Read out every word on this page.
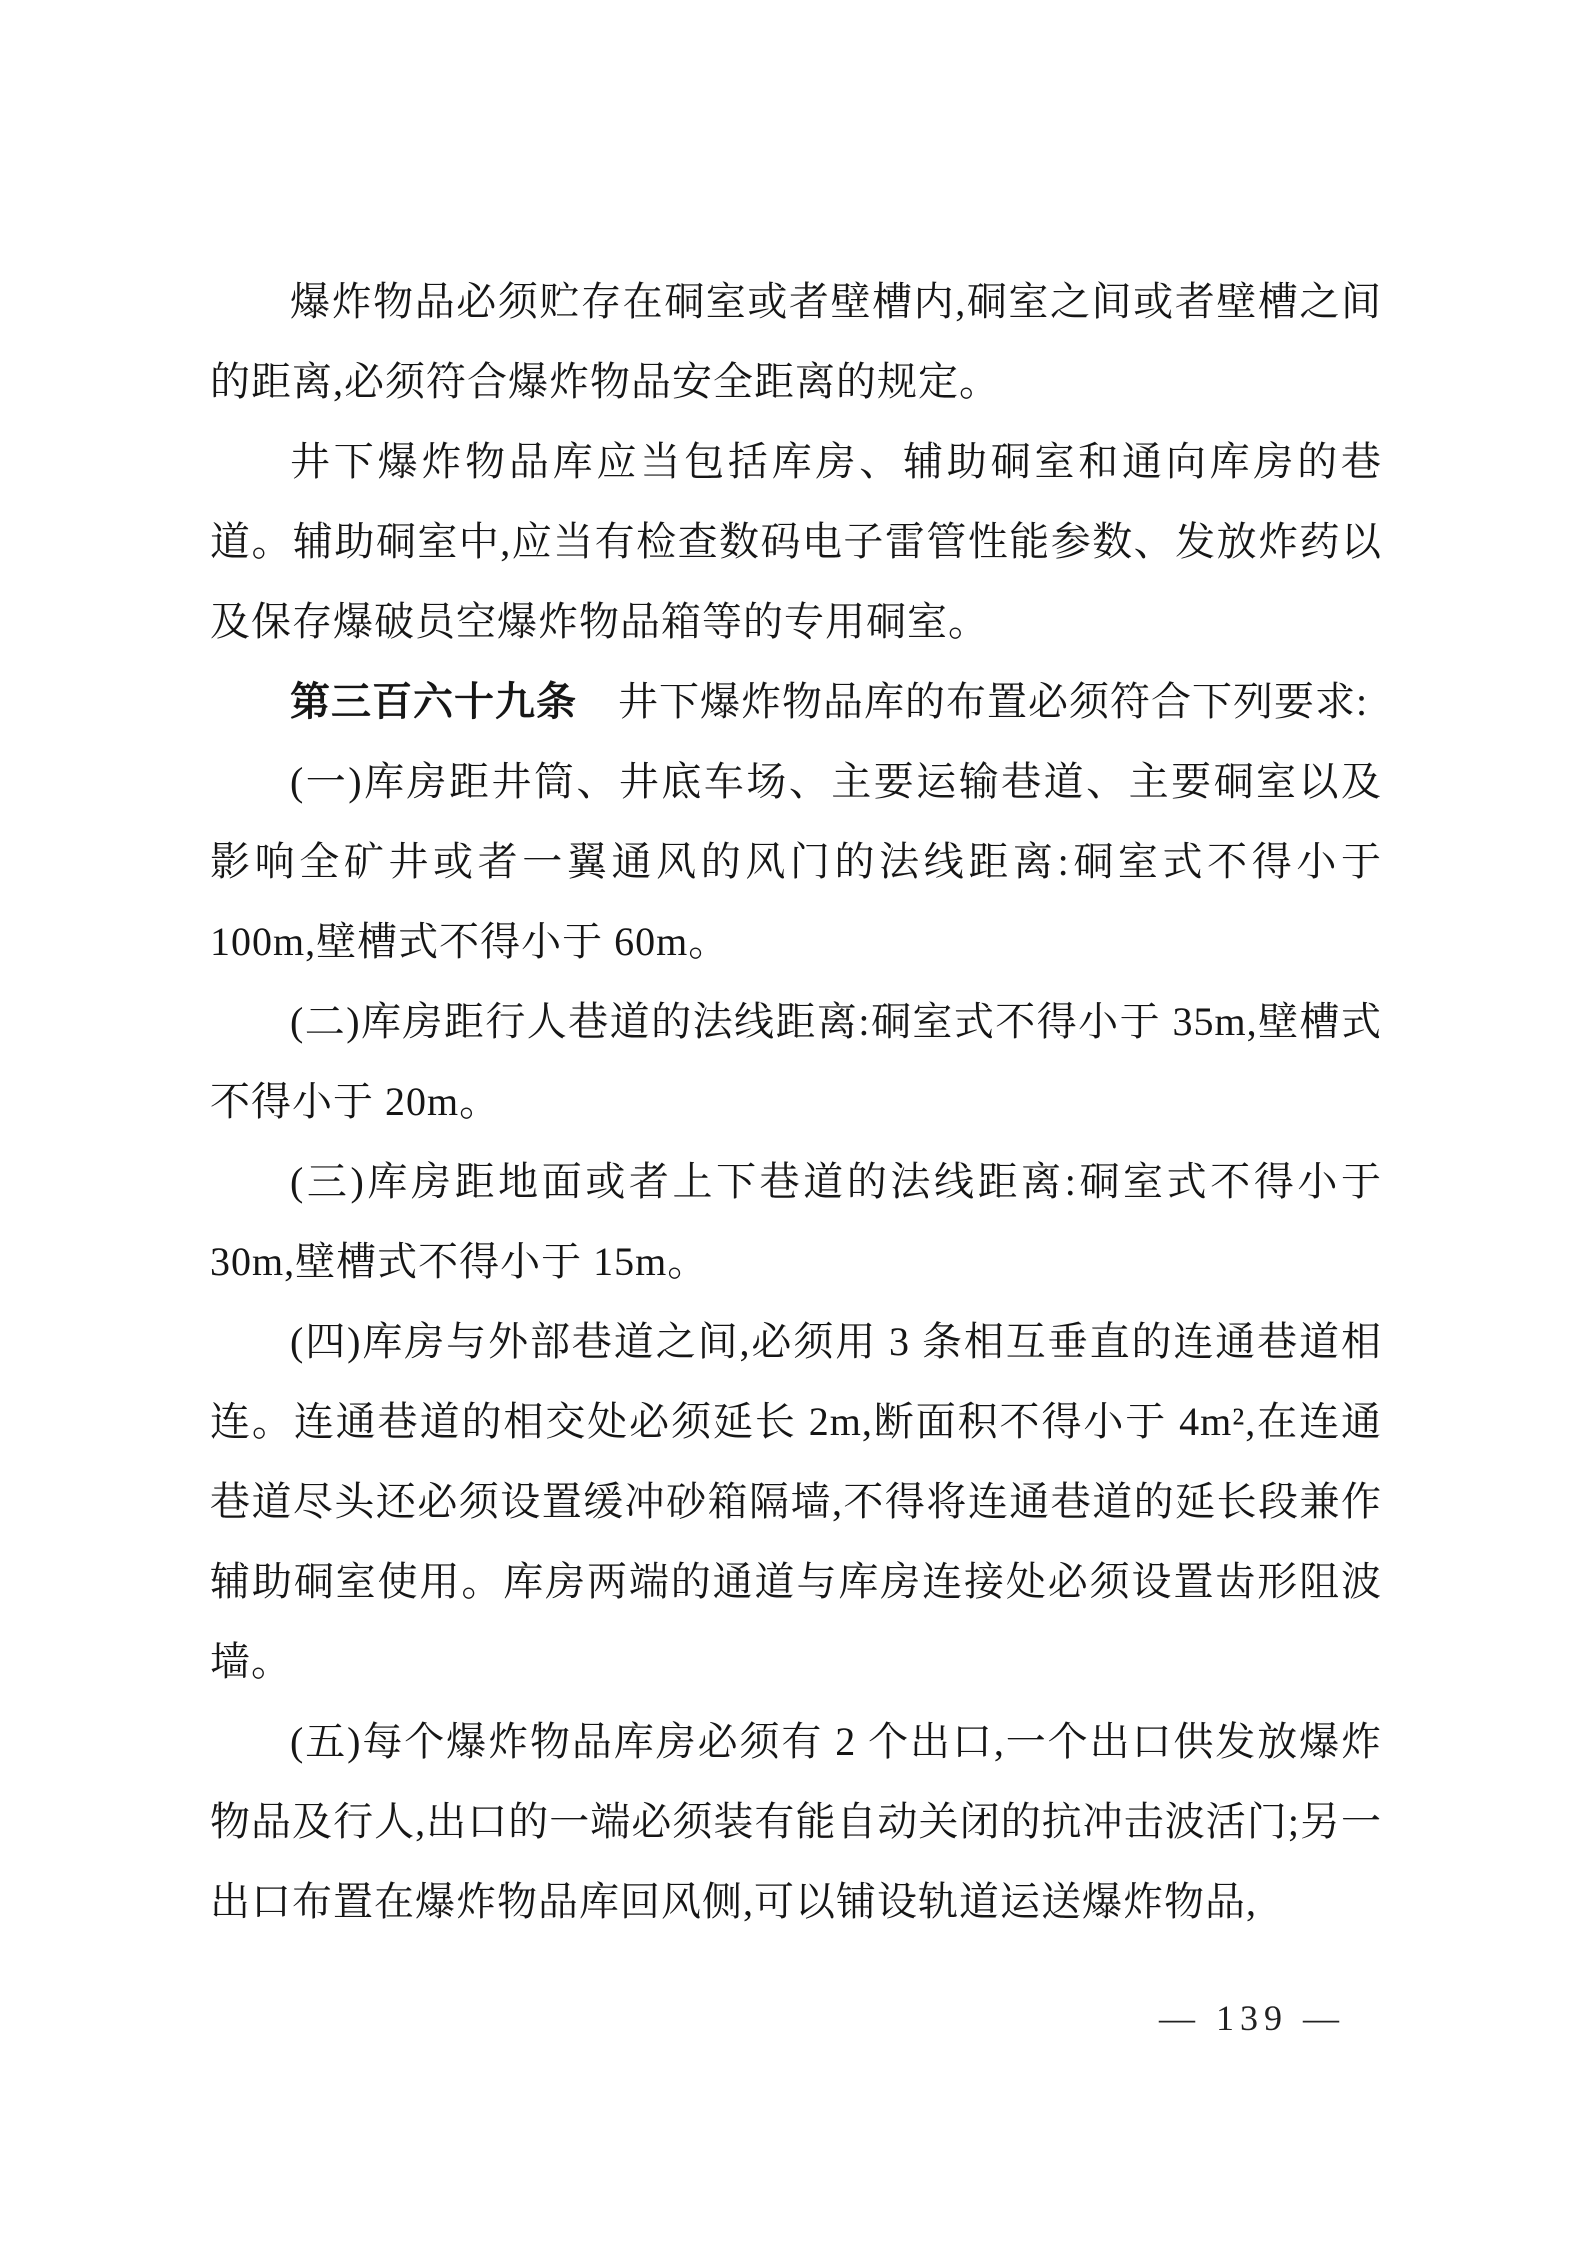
爆炸物品必须贮存在硐室或者壁槽内,硐室之间或者壁槽之间的距离,必须符合爆炸物品安全距离的规定。

井下爆炸物品库应当包括库房、辅助硐室和通向库房的巷道。辅助硐室中,应当有检查数码电子雷管性能参数、发放炸药以及保存爆破员空爆炸物品箱等的专用硐室。

第三百六十九条　井下爆炸物品库的布置必须符合下列要求:

(一)库房距井筒、井底车场、主要运输巷道、主要硐室以及影响全矿井或者一翼通风的风门的法线距离:硐室式不得小于 100m,壁槽式不得小于 60m。

(二)库房距行人巷道的法线距离:硐室式不得小于 35m,壁槽式不得小于 20m。

(三)库房距地面或者上下巷道的法线距离:硐室式不得小于 30m,壁槽式不得小于 15m。

(四)库房与外部巷道之间,必须用 3 条相互垂直的连通巷道相连。连通巷道的相交处必须延长 2m,断面积不得小于 4m²,在连通巷道尽头还必须设置缓冲砂箱隔墙,不得将连通巷道的延长段兼作辅助硐室使用。库房两端的通道与库房连接处必须设置齿形阻波墙。

(五)每个爆炸物品库房必须有 2 个出口,一个出口供发放爆炸物品及行人,出口的一端必须装有能自动关闭的抗冲击波活门;另一出口布置在爆炸物品库回风侧,可以铺设轨道运送爆炸物品,

— 139 —
